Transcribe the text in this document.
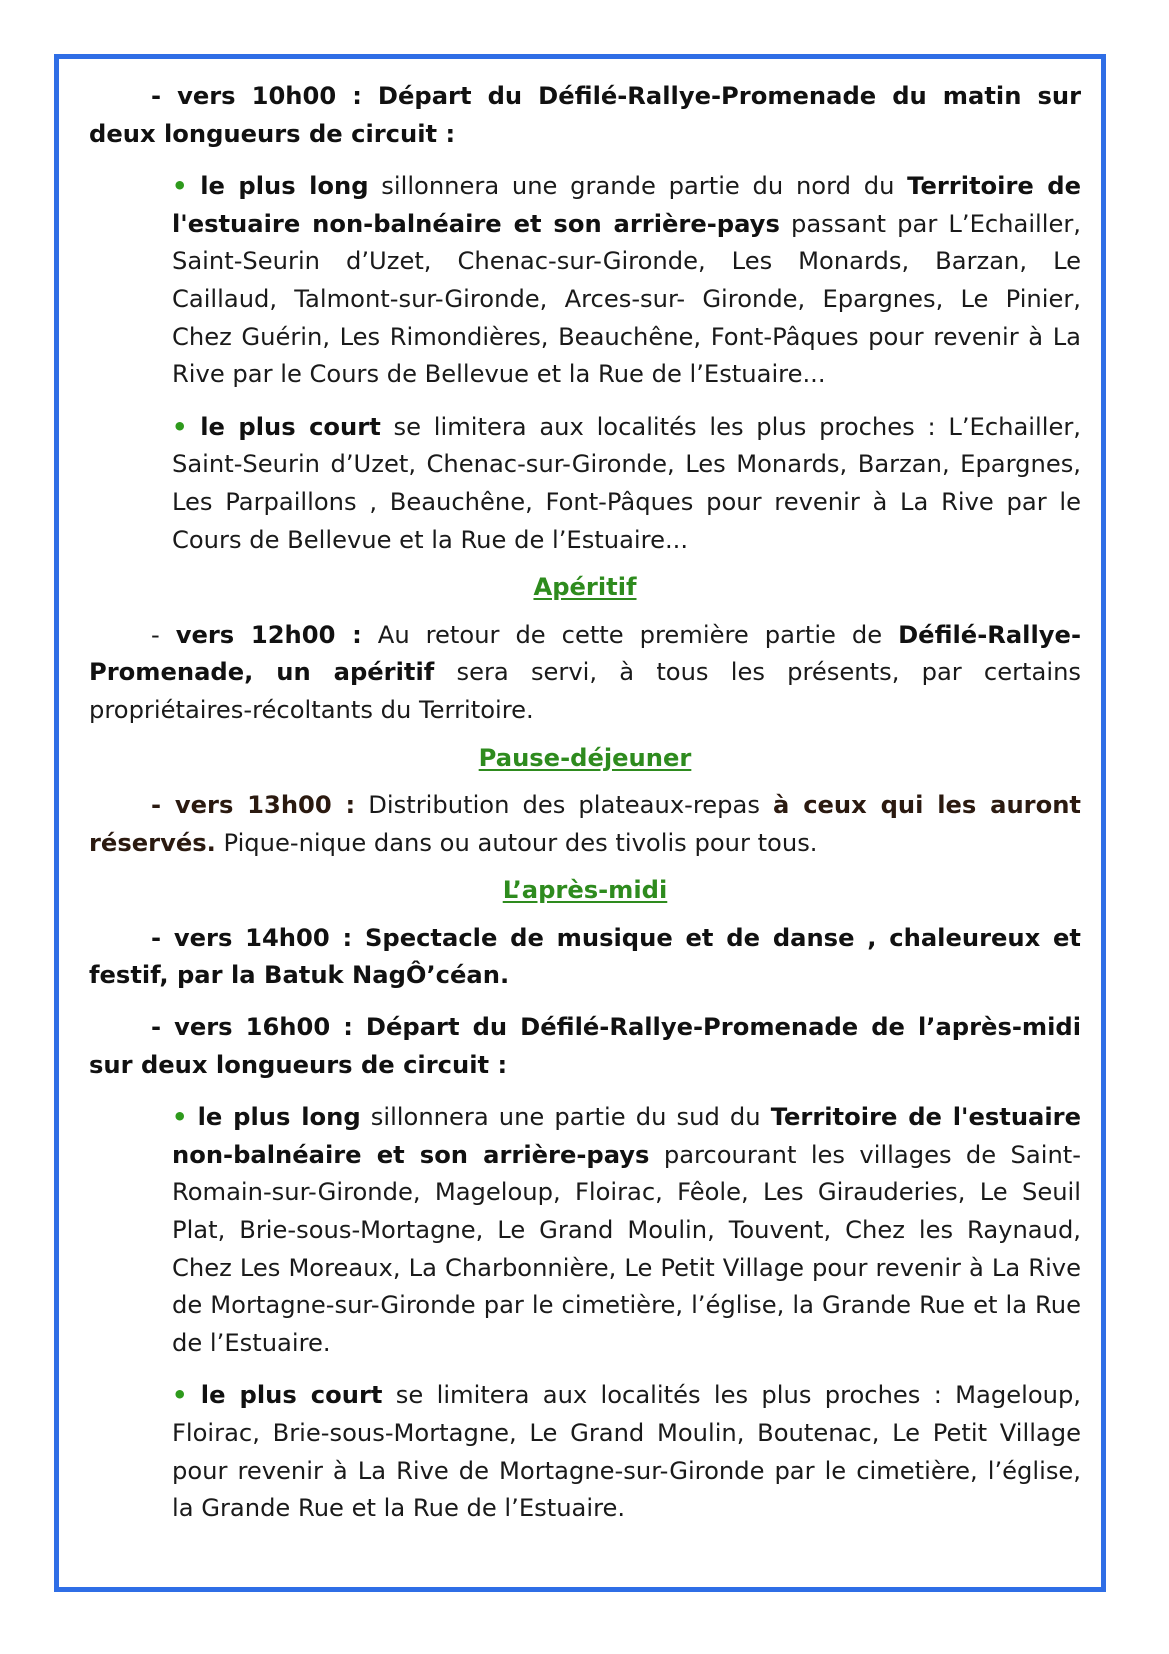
- vers 10h00 : Départ du Défilé-Rallye-Promenade du matin sur deux longueurs de circuit :

• le plus long sillonnera une grande partie du nord du Territoire de l'estuaire non-balnéaire et son arrière-pays passant par L’Echailler, Saint-Seurin d’Uzet, Chenac-sur-Gironde, Les Monards, Barzan, Le Caillaud, Talmont-sur-Gironde, Arces-sur- Gironde, Epargnes, Le Pinier, Chez Guérin, Les Rimondières, Beauchêne, Font-Pâques pour revenir à La Rive par le Cours de Bellevue et la Rue de l’Estuaire...

• le plus court se limitera aux localités les plus proches : L’Echailler, Saint-Seurin d’Uzet, Chenac-sur-Gironde, Les Monards, Barzan, Epargnes, Les Parpaillons , Beauchêne, Font-Pâques pour revenir à La Rive par le Cours de Bellevue et la Rue de l’Estuaire...

Apéritif

- vers 12h00 : Au retour de cette première partie de Défilé-Rallye-Promenade, un apéritif sera servi, à tous les présents, par certains propriétaires-récoltants du Territoire.

Pause-déjeuner

- vers 13h00 : Distribution des plateaux-repas à ceux qui les auront réservés. Pique-nique dans ou autour des tivolis pour tous.

L’après-midi

- vers 14h00 : Spectacle de musique et de danse , chaleureux et festif, par la Batuk NagÔ’céan.

- vers 16h00 : Départ du Défilé-Rallye-Promenade de l’après-midi sur deux longueurs de circuit :

• le plus long sillonnera une partie du sud du Territoire de l'estuaire non-balnéaire et son arrière-pays parcourant les villages de Saint-Romain-sur-Gironde, Mageloup, Floirac, Fêole, Les Girauderies, Le Seuil Plat, Brie-sous-Mortagne, Le Grand Moulin, Touvent, Chez les Raynaud, Chez Les Moreaux, La Charbonnière, Le Petit Village pour revenir à La Rive de Mortagne-sur-Gironde par le cimetière, l’église, la Grande Rue et la Rue de l’Estuaire.

• le plus court se limitera aux localités les plus proches : Mageloup, Floirac, Brie-sous-Mortagne, Le Grand Moulin, Boutenac, Le Petit Village pour revenir à La Rive de Mortagne-sur-Gironde par le cimetière, l’église, la Grande Rue et la Rue de l’Estuaire.
